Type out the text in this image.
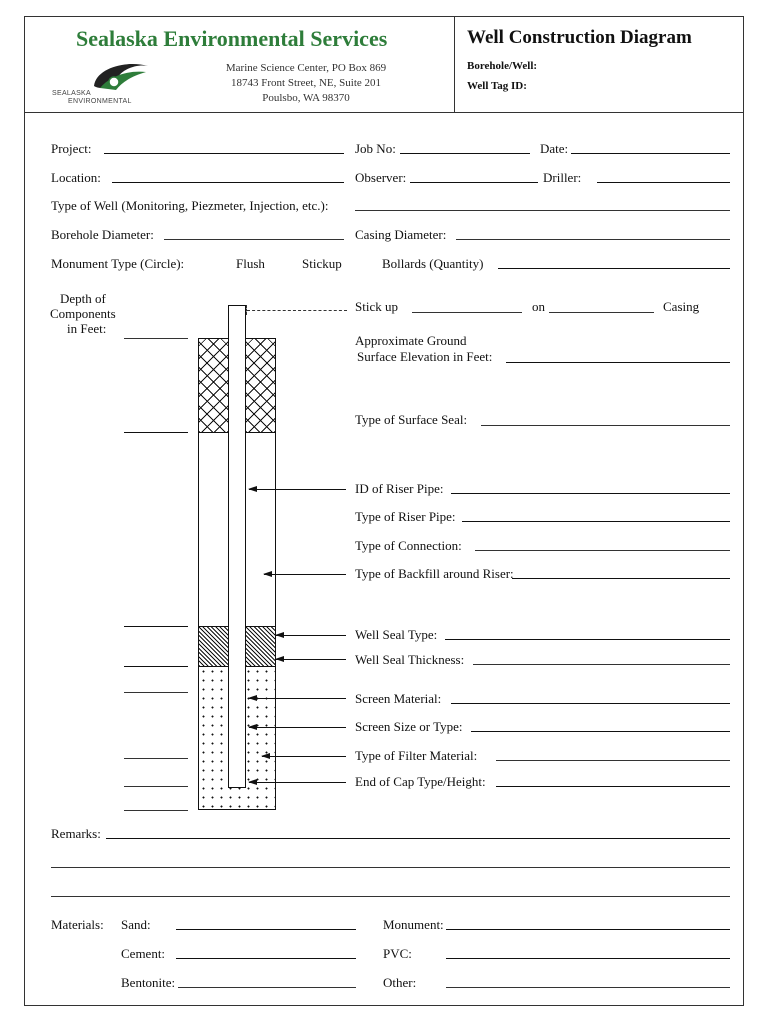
Sealaska Environmental Services
SEALASKA
ENVIRONMENTAL
Marine Science Center, PO Box 869
18743 Front Street, NE, Suite 201
Poulsbo, WA 98370
Well Construction Diagram
Borehole/Well:
Well Tag ID:
Project:	Job No:	Date:
Location:	Observer:	Driller:
Type of Well (Monitoring, Piezmeter, Injection, etc.):
Borehole Diameter:	Casing Diameter:
Monument Type (Circle):	Flush	Stickup	Bollards (Quantity)
Depth of
Components
in Feet:
Stick up	on	Casing
Approximate Ground
Surface Elevation in Feet:
Type of Surface Seal:
ID of Riser Pipe:
Type of Riser Pipe:
Type of Connection:
Type of Backfill around Riser:
Well Seal Type:
Well Seal Thickness:
Screen Material:
Screen Size or Type:
Type of Filter Material:
End of Cap Type/Height:
Remarks:
Materials: Sand:	Monument:
Cement:	PVC:
Bentonite:	Other:
